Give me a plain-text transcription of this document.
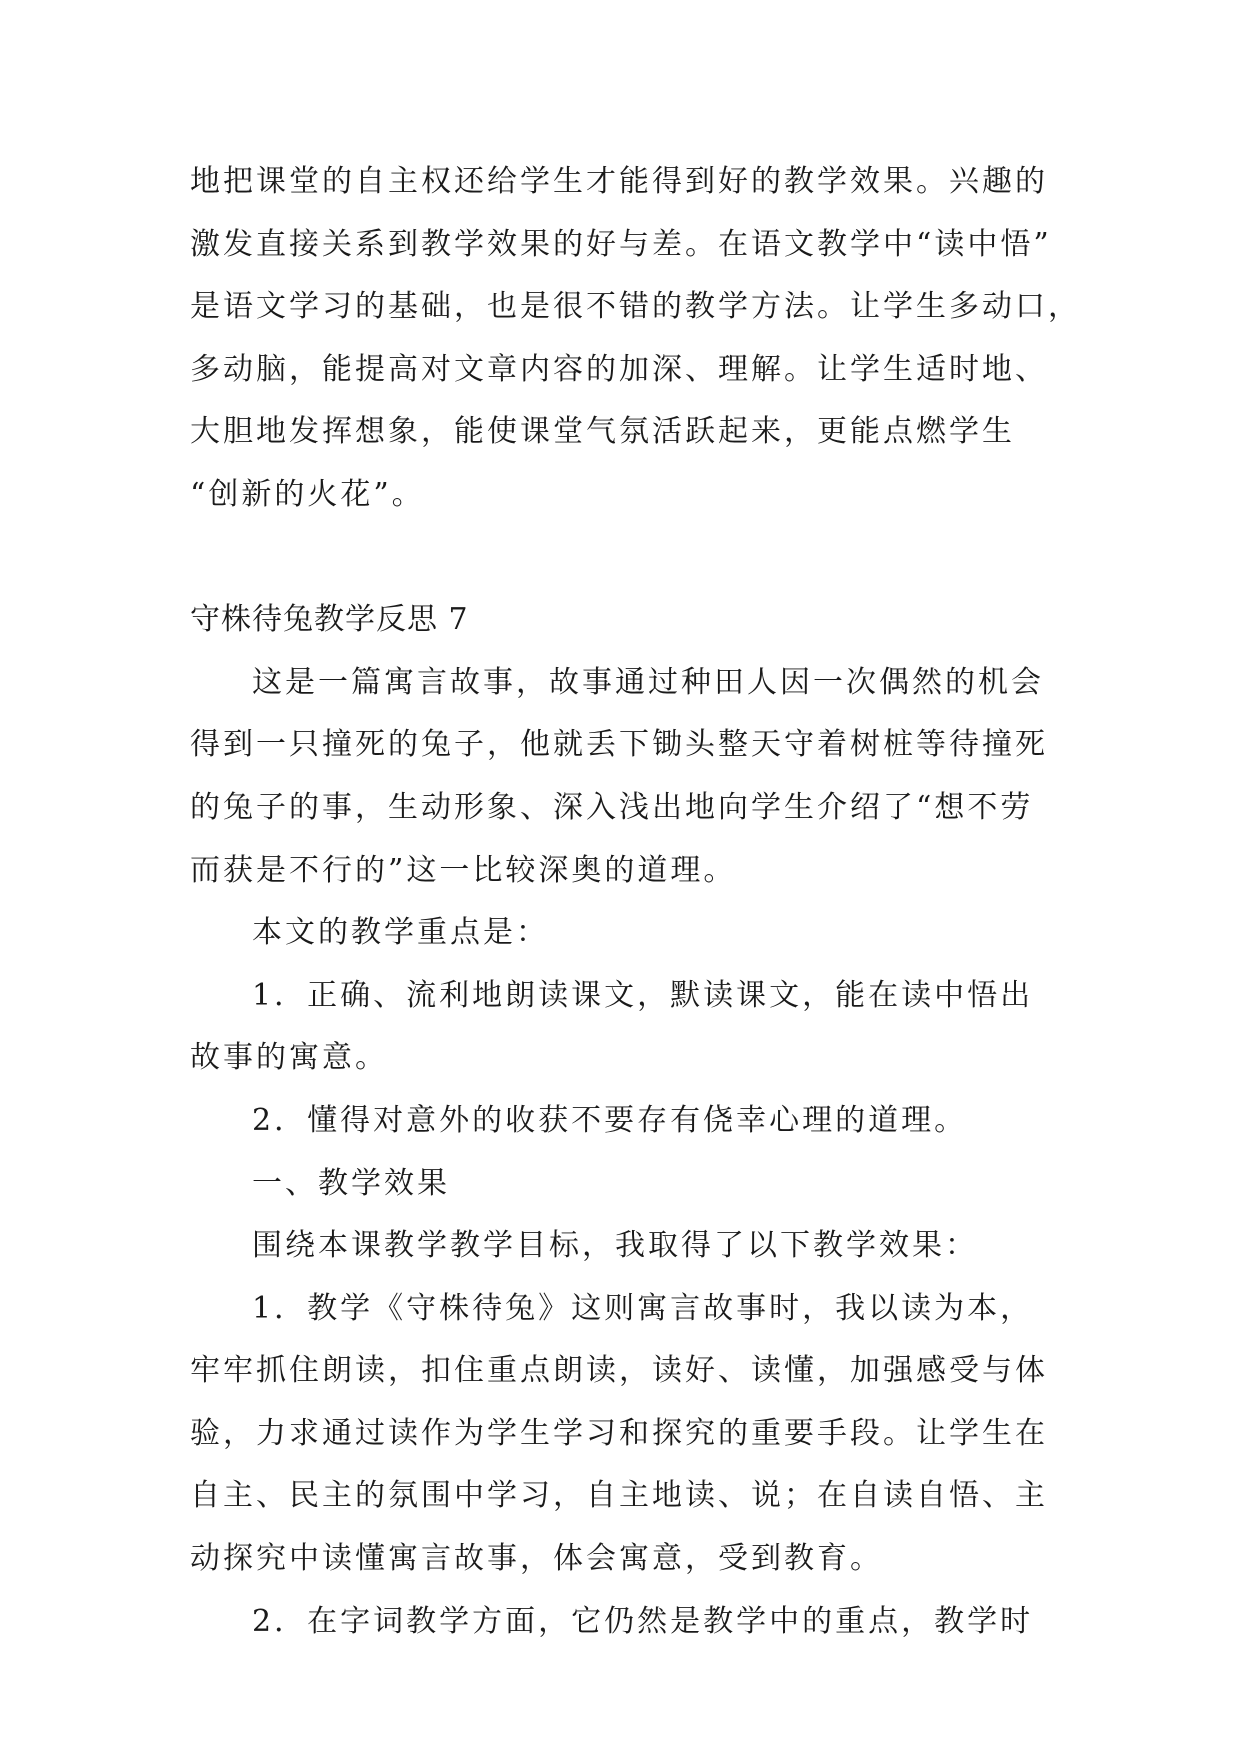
地把课堂的自主权还给学生才能得到好的教学效果。兴趣的
激发直接关系到教学效果的好与差。在语文教学中“读中悟”
是语文学习的基础，也是很不错的教学方法。让学生多动口，
多动脑，能提高对文章内容的加深、理解。让学生适时地、
大胆地发挥想象，能使课堂气氛活跃起来，更能点燃学生
“创新的火花”。
守株待兔教学反思 7
这是一篇寓言故事，故事通过种田人因一次偶然的机会
得到一只撞死的兔子，他就丢下锄头整天守着树桩等待撞死
的兔子的事，生动形象、深入浅出地向学生介绍了“想不劳
而获是不行的”这一比较深奥的道理。
本文的教学重点是：
1．正确、流利地朗读课文，默读课文，能在读中悟出
故事的寓意。
2．懂得对意外的收获不要存有侥幸心理的道理。
一、教学效果
围绕本课教学教学目标，我取得了以下教学效果：
1．教学《守株待兔》这则寓言故事时，我以读为本，
牢牢抓住朗读，扣住重点朗读，读好、读懂，加强感受与体
验，力求通过读作为学生学习和探究的重要手段。让学生在
自主、民主的氛围中学习，自主地读、说；在自读自悟、主
动探究中读懂寓言故事，体会寓意，受到教育。
2．在字词教学方面，它仍然是教学中的重点，教学时
